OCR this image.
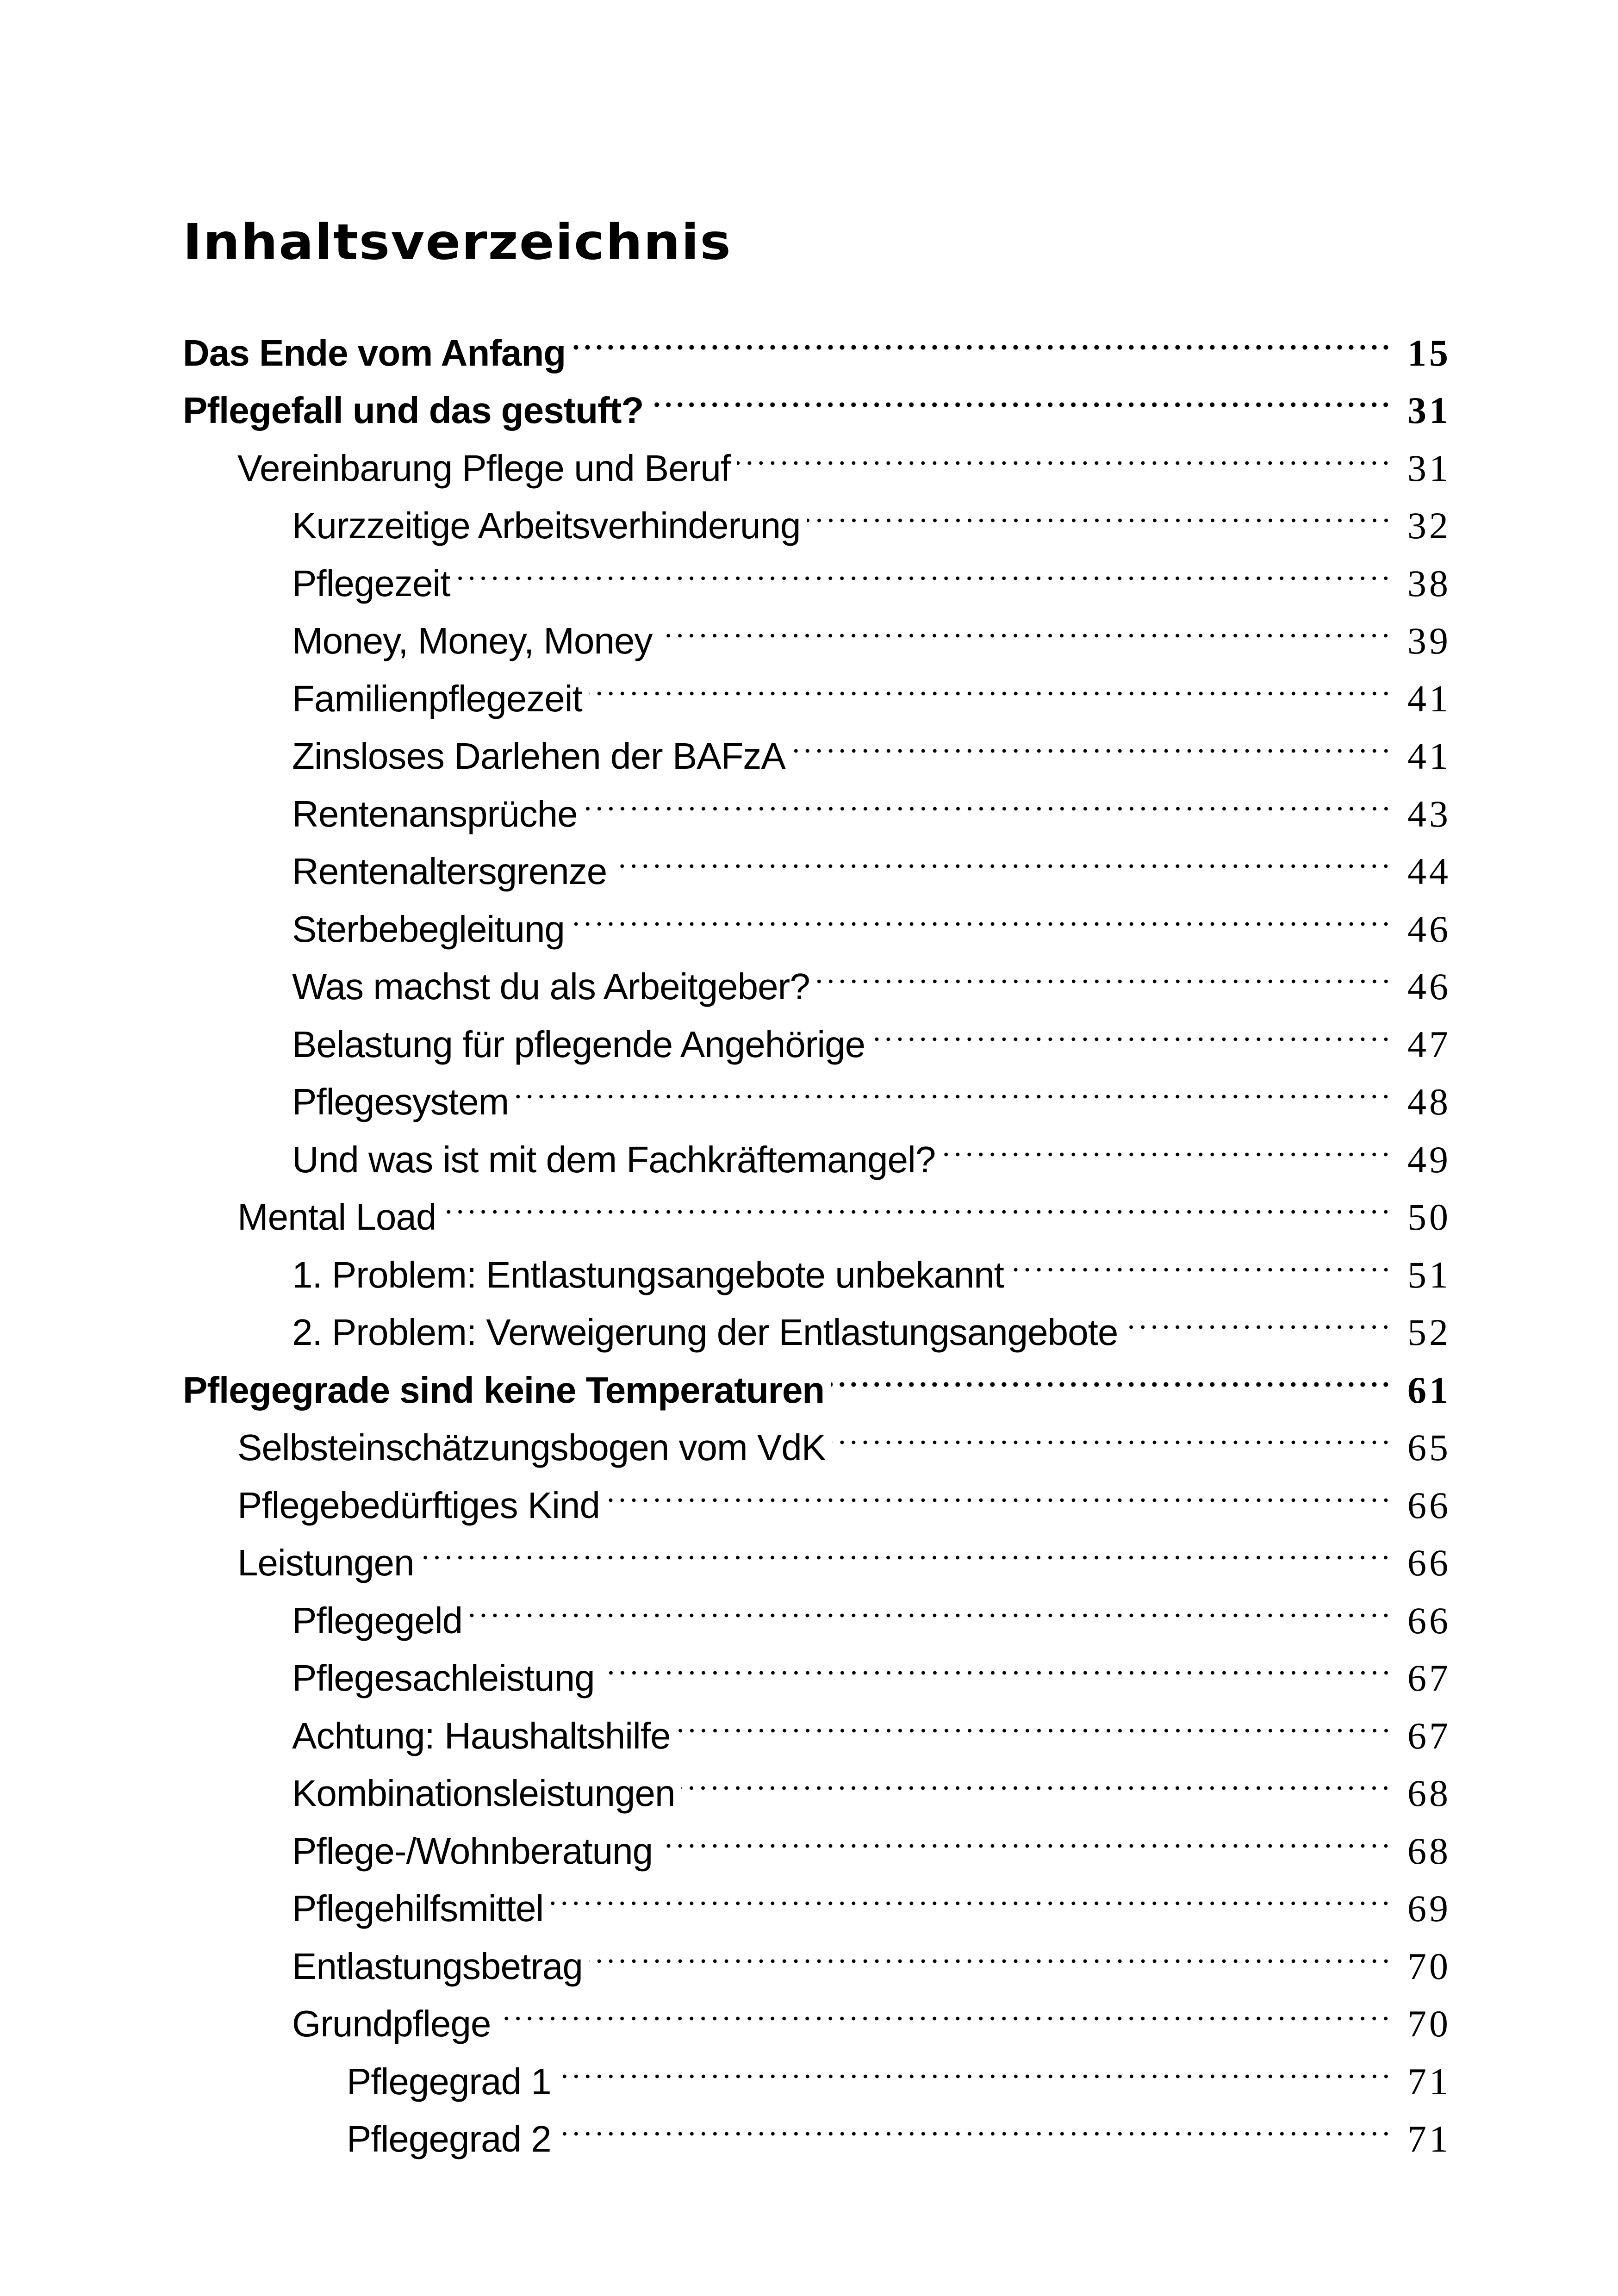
Inhaltsverzeichnis
Das Ende vom Anfang	15
Pflegefall und das gestuft?	31
Vereinbarung Pflege und Beruf	31
Kurzzeitige Arbeitsverhinderung	32
Pflegezeit	38
Money, Money, Money	39
Familienpflegezeit	41
Zinsloses Darlehen der BAFzA	41
Rentenansprüche	43
Rentenaltersgrenze	44
Sterbebegleitung	46
Was machst du als Arbeitgeber?	46
Belastung für pflegende Angehörige	47
Pflegesystem	48
Und was ist mit dem Fachkräftemangel?	49
Mental Load	50
1. Problem: Entlastungsangebote unbekannt	51
2. Problem: Verweigerung der Entlastungsangebote	52
Pflegegrade sind keine Temperaturen	61
Selbsteinschätzungsbogen vom VdK	65
Pflegebedürftiges Kind	66
Leistungen	66
Pflegegeld	66
Pflegesachleistung	67
Achtung: Haushaltshilfe	67
Kombinationsleistungen	68
Pflege-/Wohnberatung	68
Pflegehilfsmittel	69
Entlastungsbetrag	70
Grundpflege	70
Pflegegrad 1	71
Pflegegrad 2	71
